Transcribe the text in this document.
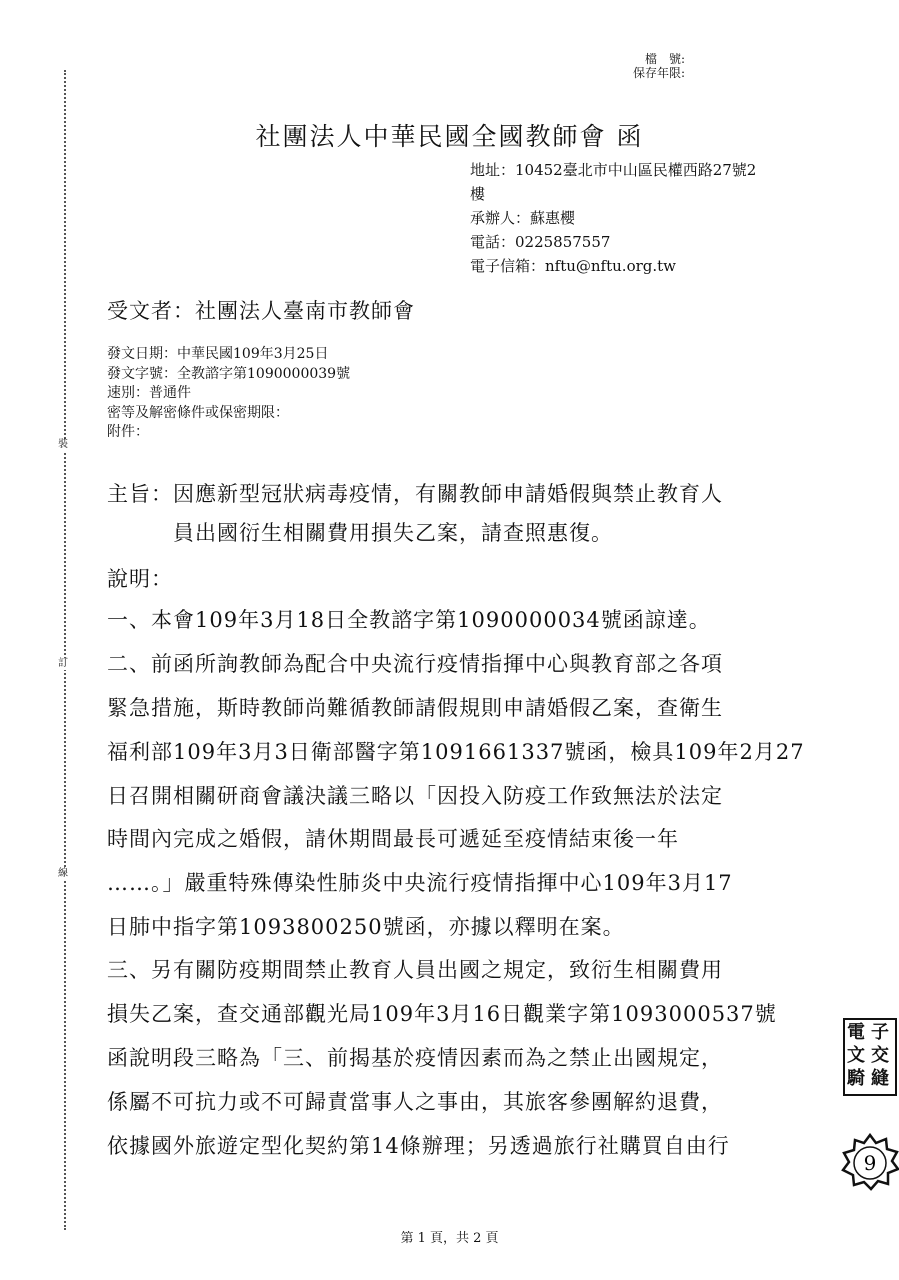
裝
訂
線
檔　號:
保存年限:
社團法人中華民國全國教師會 函
地址：10452臺北市中山區民權西路27號2
樓
承辦人：蘇惠櫻
電話：0225857557
電子信箱：nftu@nftu.org.tw
受文者：社團法人臺南市教師會
發文日期：中華民國109年3月25日
發文字號：全教諮字第1090000039號
速別：普通件
密等及解密條件或保密期限：
附件：
主旨：因應新型冠狀病毒疫情，有關教師申請婚假與禁止教育人
　　　員出國衍生相關費用損失乙案，請查照惠復。
說明：
一、本會109年3月18日全教諮字第1090000034號函諒達。
二、前函所詢教師為配合中央流行疫情指揮中心與教育部之各項
緊急措施，斯時教師尚難循教師請假規則申請婚假乙案，查衛生
福利部109年3月3日衛部醫字第1091661337號函，檢具109年2月27
日召開相關研商會議決議三略以「因投入防疫工作致無法於法定
時間內完成之婚假，請休期間最長可遞延至疫情結束後一年
……。」嚴重特殊傳染性肺炎中央流行疫情指揮中心109年3月17
日肺中指字第1093800250號函，亦據以釋明在案。
三、另有關防疫期間禁止教育人員出國之規定，致衍生相關費用
損失乙案，查交通部觀光局109年3月16日觀業字第1093000537號
函說明段三略為「三、前揭基於疫情因素而為之禁止出國規定，
係屬不可抗力或不可歸責當事人之事由，其旅客參團解約退費，
依據國外旅遊定型化契約第14條辦理；另透過旅行社購買自由行
電 子
文 交
騎 縫
9
第 1 頁，共 2 頁
